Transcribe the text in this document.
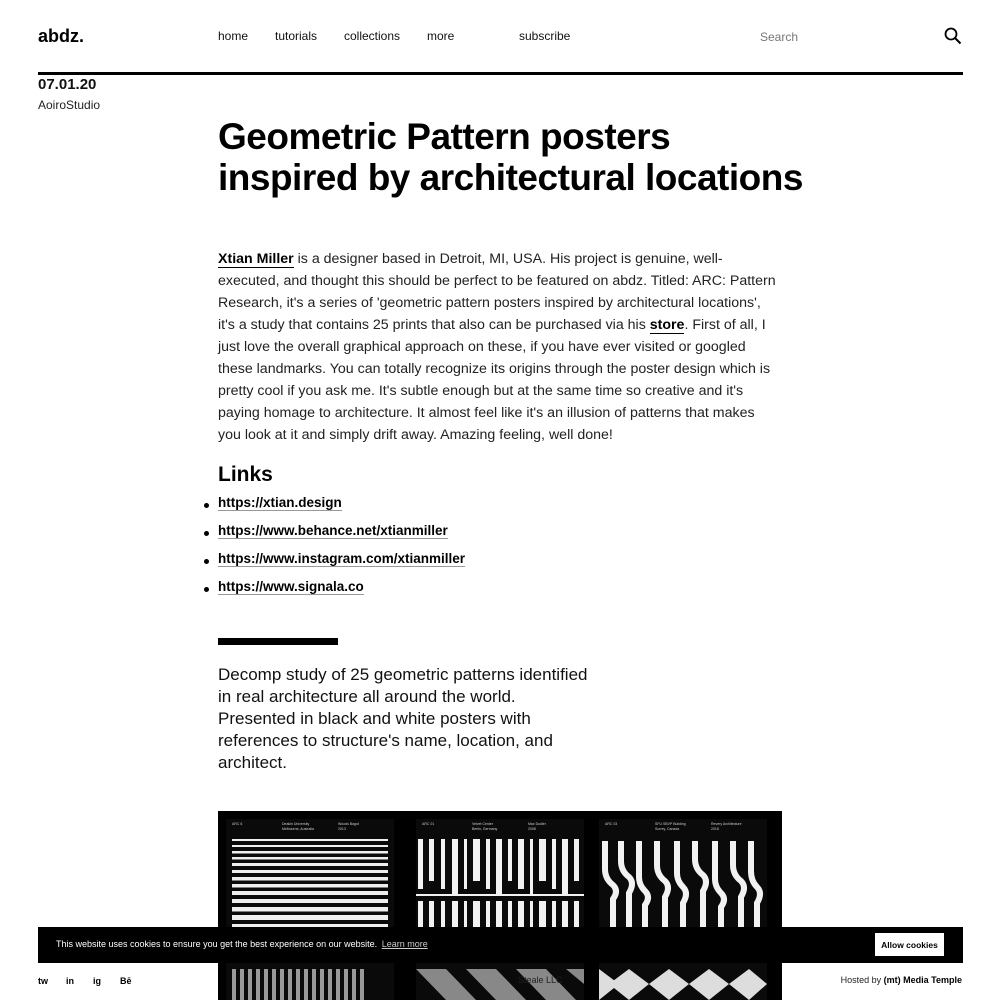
abdz.	home tutorials collections more	subscribe
Search
07.01.20
AoiroStudio
Geometric Pattern posters inspired by architectural locations

Xtian Miller is a designer based in Detroit, MI, USA. His project is genuine, well-executed, and thought this should be perfect to be featured on abdz. Titled: ARC: Pattern Research, it's a series of 'geometric pattern posters inspired by architectural locations', it's a study that contains 25 prints that also can be purchased via his store. First of all, I just love the overall graphical approach on these, if you have ever visited or googled these landmarks. You can totally recognize its origins through the poster design which is pretty cool if you ask me. It's subtle enough but at the same time so creative and it's paying homage to architecture. It almost feel like it's an illusion of patterns that makes you look at it and simply drift away. Amazing feeling, well done!

Links
https://xtian.design
https://www.behance.net/xtianmiller
https://www.instagram.com/xtianmiller
https://www.signala.co

Decomp study of 25 geometric patterns identified in real architecture all around the world. Presented in black and white posters with references to structure's name, location, and architect.

ARC 6	Deakin University
Melbourne, Australia
Woods Bagot
2013
ARC 01	Velvet Center
Berlin, Germany
Max Dudler
2008
ARC 03	SFU SBVP Building
Surrey, Canada
Revery Architecture
2018
This website uses cookies to ensure you get the best experience on our website. Learn more	Allow cookies
tw in ig Bē	Steale LLC	Hosted by (mt) Media Temple
